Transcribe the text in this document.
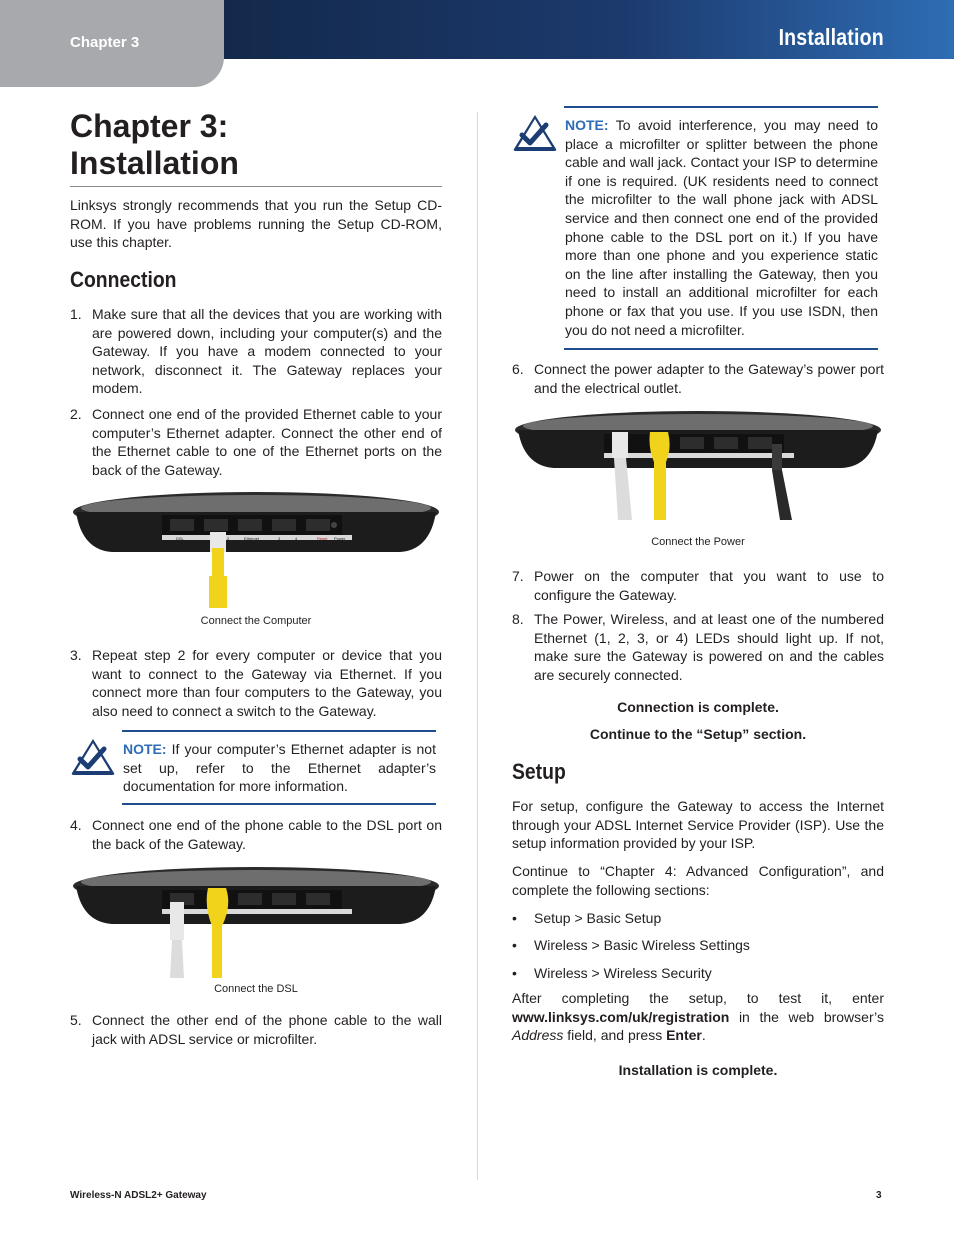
Chapter 3	Installation
Chapter 3:
Installation
Linksys strongly recommends that you run the Setup CD-ROM. If you have problems running the Setup CD-ROM, use this chapter.
Connection
1. Make sure that all the devices that you are working with are powered down, including your computer(s) and the Gateway. If you have a modem connected to your network, disconnect it. The Gateway replaces your modem.
2. Connect one end of the provided Ethernet cable to your computer’s Ethernet adapter. Connect the other end of the Ethernet cable to one of the Ethernet ports on the back of the Gateway.
DSL	2	Ethernet	3	4	Reset Power
Connect the Computer
3. Repeat step 2 for every computer or device that you want to connect to the Gateway via Ethernet. If you connect more than four computers to the Gateway, you also need to connect a switch to the Gateway.
NOTE: If your computer’s Ethernet adapter is not set up, refer to the Ethernet adapter’s documentation for more information.
4. Connect one end of the phone cable to the DSL port on the back of the Gateway.
Connect the DSL
5. Connect the other end of the phone cable to the wall jack with ADSL service or microfilter.
NOTE: To avoid interference, you may need to place a microfilter or splitter between the phone cable and wall jack. Contact your ISP to determine if one is required. (UK residents need to connect the microfilter to the wall phone jack with ADSL service and then connect one end of the provided phone cable to the DSL port on it.) If you have more than one phone and you experience static on the line after installing the Gateway, then you need to install an additional microfilter for each phone or fax that you use. If you use ISDN, then you do not need a microfilter.
6. Connect the power adapter to the Gateway’s power port and the electrical outlet.
Connect the Power
7. Power on the computer that you want to use to configure the Gateway.
8. The Power, Wireless, and at least one of the numbered Ethernet (1, 2, 3, or 4) LEDs should light up. If not, make sure the Gateway is powered on and the cables are securely connected.
Connection is complete.
Continue to the “Setup” section.
Setup
For setup, configure the Gateway to access the Internet through your ADSL Internet Service Provider (ISP). Use the setup information provided by your ISP.
Continue to “Chapter 4: Advanced Configuration”, and complete the following sections:
• Setup > Basic Setup
• Wireless > Basic Wireless Settings
• Wireless > Wireless Security
After completing the setup, to test it, enter www.linksys.com/uk/registration in the web browser’s Address field, and press Enter.
Installation is complete.
Wireless-N ADSL2+ Gateway	3
